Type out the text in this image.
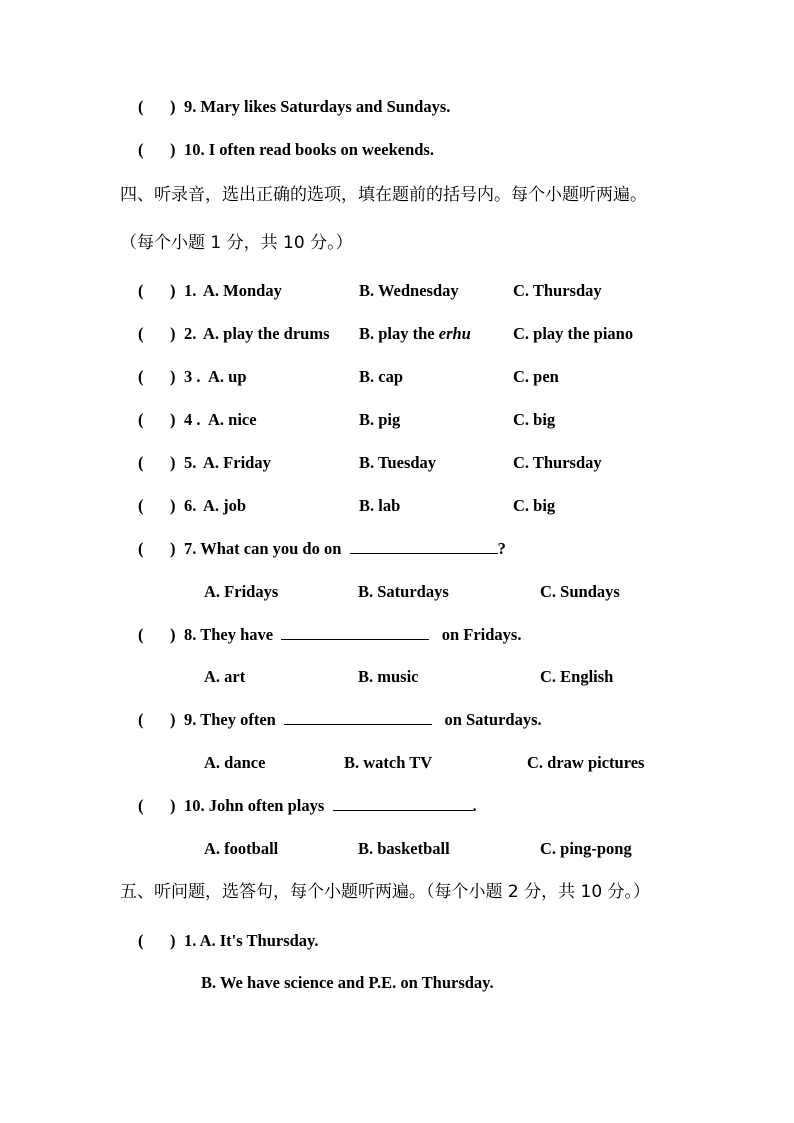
( ) 9. Mary likes Saturdays and Sundays.
( ) 10. I often read books on weekends.
四、听录音，选出正确的选项，填在题前的括号内。每个小题听两遍。
（每个小题 1 分，共 10 分。）
( ) 1. A. Monday	B. Wednesday	C. Thursday
( ) 2. A. play the drums B. play the erhu	C. play the piano
( ) 3 . A. up	B. cap	C. pen
( ) 4 . A. nice	B. pig	C. big
( ) 5. A. Friday	B. Tuesday	C. Thursday
( ) 6. A. job	B. lab	C. big
( ) 7. What can you do on	?
A. Fridays	B. Saturdays	C. Sundays
( ) 8. They have	on Fridays.
A. art	B. music	C. English
( ) 9. They often	on Saturdays.
A. dance	B. watch TV	C. draw pictures
( ) 10. John often plays	.
A. football	B. basketball	C. ping-pong
五、听问题，选答句，每个小题听两遍。（每个小题 2 分，共 10 分。）
( ) 1. A. It's Thursday.
B. We have science and P.E. on Thursday.
